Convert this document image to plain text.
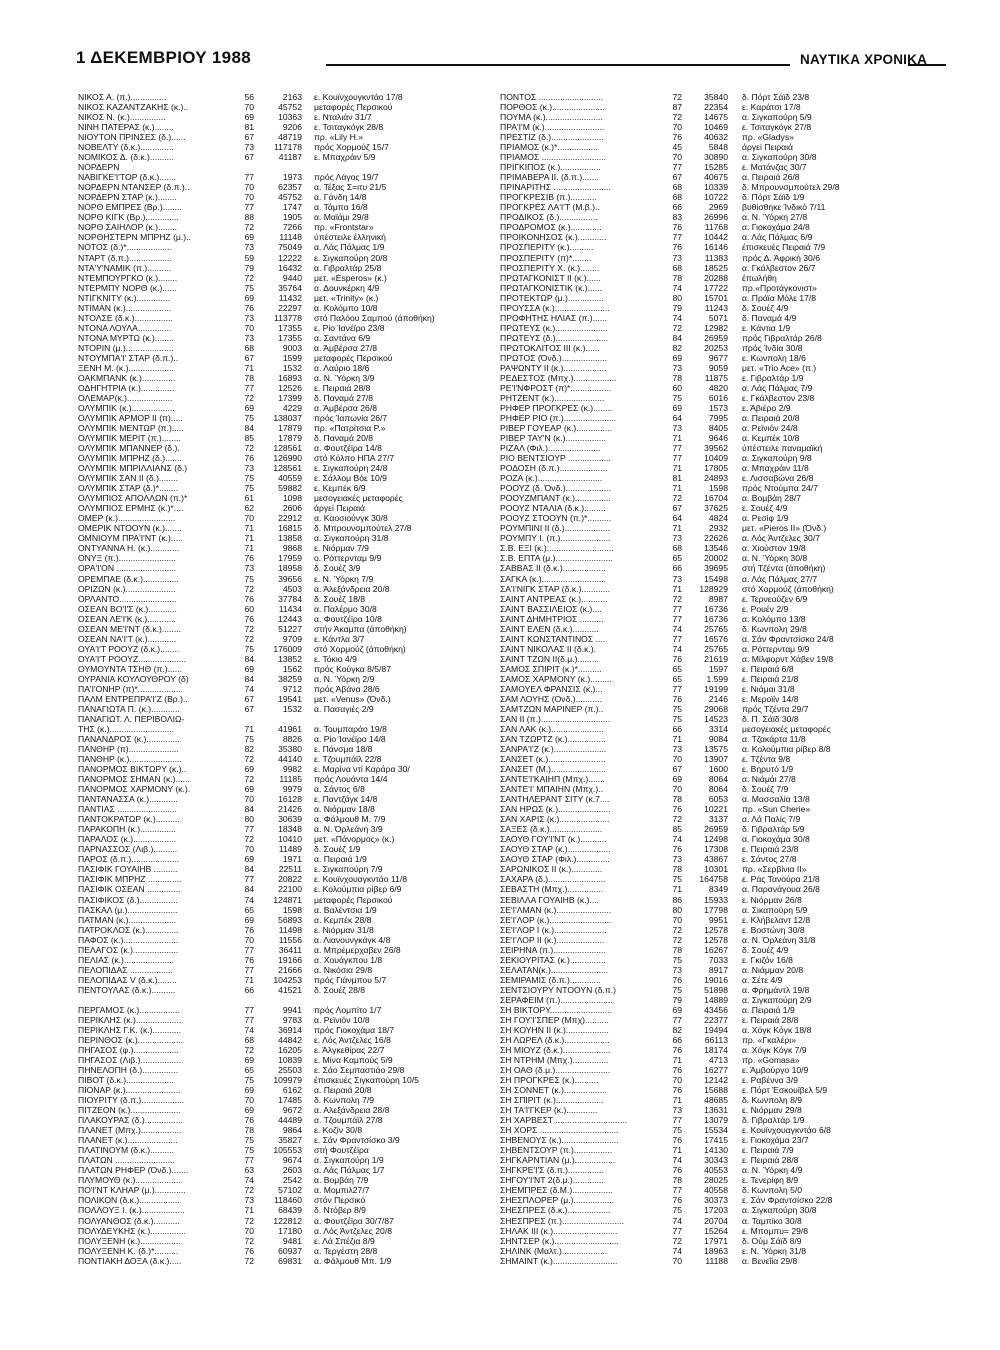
1 ΔΕΚΕΜΒΡΙΟΥ 1988	ΝΑΥΤΙΚΑ ΧΡΟΝΙΚΑ
ΝΙΚΟΣ Α. (π.)...............	56	2163 ε. Κουϊνχουγκντάο 17/8
ΝΙΚΟΣ ΚΑΖΑΝΤΖΑΚΗΣ (κ.)..	70	45752 μεταφορές Περσικού
ΝΙΚΟΣ Ν. (κ.)...............	69	10363 ε. Νταλιάν 31/7
ΝΙΝΗ ΠΑΤΕΡΑΣ (κ.)........	81	9206 ε. Τσιταγκόγκ 28/8
ΝΙΟΥΤΟΝ ΠΡΙΝΣΕΣ (δ.)......	67	48719 πρ. «Lily H.»
ΝΟΒΕΛΤΥ (δ.κ.)..............	73	117178 πρός Χορμούζ 15/7
ΝΟΜΙΚΟΣ Δ. (δ.κ.)..........	67	41187 ε. Μπαχράιν 5/9
ΝΟΡΔΕΡΝ
ΝΑΒΙΓΚΕ'Ι'ΤΟΡ (δ.κ.).......	77	1973 πρός Λάγος 19/7
ΝΟΡΔΕΡΝ ΝΤΑΝΣΕΡ (δ.π.)..	70	62357 α. Τέξας Σ=ιτυ 21/5
ΝΟΡΔΕΡΝ ΣΤΑΡ (κ.)........	70	45752 α. Γάνδη 14/8
ΝΟΡΘ ΕΜΠΡΕΣ (Βρ.)........	77	1747 α. Τάμπα 16/8
ΝΟΡΘ ΚΙΓΚ (Βρ.)..............	88	1905 α. Μαϊάμι 29/8
ΝΟΡΘ ΣΑΙΗΛΟΡ (κ.)........	72	7266 πρ. «Frontstar»
ΝΟΡΘΗΣΤΕΡΝ ΜΠΡΗΖ (μ.)..	69	11148 ύπέστειλε έλληνική
ΝΟΤΟΣ (δ.)*...................	73	75049 α. Λάς Πάλμας 1/9
ΝΤΑΡΤ (δ.π.)..................	59	12222 ε. Σιγκαπούρη 20/8
ΝΤΑ'Υ'ΝΑΜΙΚ (π.)..........	79	16432 α. Γιβραλτάρ 25/8
ΝΤΕΜΠΟΥΡΓΚΟ (κ.)........	72	9440 μετ. «Esperos» (κ.)
ΝΤΕΡΜΠΥ ΝΟΡΘ (κ.)......	75	35764 α. Δουνκέρκη 4/9
ΝΤΙΓΚΝΙΤΥ (κ.)..............	69	11432 μετ. «Trinity» (κ.)
ΝΤΙΜΑΝ (κ.)...................	76	22297 α. Κολόμπο 10/8
ΝΤΟΛΣΕ (δ.κ.)................	73	113778 στό Παλόου Σαμπού (άποθήκη)
ΝΤΟΝΑ ΛΟΥΛΑ..............	70	17355 ε. Ρίο Ίανέϊρο 23/8
ΝΤΟΝΑ ΜΥΡΤΩ (κ.)........	73	17355 α. Σαντάνα 6/9
ΝΤΟΡΙΝ (μ.)....................	68	9003 α. Άμβέρσα 27/8
ΝΤΟΥΜΠΑ'Ι' ΣΤΑΡ (δ.π.)..	67	1599 μεταφορές Περσικού
ΞΕΝΗ Μ. (κ.)...................	71	1532 α. Λαύριο 18/6
ΟΑΚΜΠΑΝΚ (κ.)..............	78	16893 α. Ν. Ύόρκη 3/9
ΟΔΗΓΗΤΡΙΑ (κ.)..............	77	12526 ε. Πειραιά 28/8
ΟΛΕΜΑΡ(κ.)...................	72	17399 δ. Παναμά 27/8
ΟΛΥΜΠΙΚ (κ.)..................	69	4229 α. Άμβέρσα 26/8
ΟΛΥΜΠΙΚ ΑΡΜΟΡ ΙΙ (π).....	75	138037 πρός Ίαπωνία 26/7
ΟΛΥΜΠΙΚ ΜΕΝΤΩΡ (π.).....	84	17879 πρ. «Πατρίτσια Ρ.»
ΟΛΥΜΠΙΚ ΜΕΡΙΤ (π.)........	85	17879 δ. Παναμά 20/8
ΟΛΥΜΠΙΚ ΜΠΑΝΝΕΡ (δ.).	72	128561 α. Φουτζέϊρα 14/8
ΟΛΥΜΠΙΚ ΜΠΡΗΖ (δ.).......	76	126990 στό Κόλπο ΗΠΑ 27/7
ΟΛΥΜΠΙΚ ΜΠΡΙΛΛΙΑΝΣ (δ.)	73	128561 ε. Σιγκαπούρη 24/8
ΟΛΥΜΠΙΚ ΣΑΝ ΙΙ (δ.)........	75	40559 ε. Σάλλομ Βόε 10/9
ΟΛΥΜΠΙΚ ΣΤΑΡ (δ.)*........	75	59882 ε. Κεμπέκ 6/9
ΟΛΥΜΠΙΟΣ ΑΠΟΛΛΩΝ (π.)*	61	1098 μεσογειακές μεταφορές
ΟΛΥΜΠΙΟΣ ΕΡΜΗΣ (κ.)*....	62	2606 άργεί Πειραιά
ΟΜΕΡ (κ.)........................	70	22912 α. Καοσιούνγκ 30/8
ΟΜΕΡΙΚ ΝΤΟΟΥΝ (κ.).......	71	16815 δ. Μπρουνσμπούτελ 27/8
ΟΜΝΙΟΥΜ ΠΡΑ'Ι'ΝΤ (κ.).....	71	13858 α. Σιγκαπούρη 31/8
ΟΝΤΥΑΝΝΑ Η. (κ.)............	71	9868 ε. Νιόρμαν 7/9
ΟΝΥΞ (π.)........................	76	17959 ο. Ρόττερνταμ 9/9
ΟΡΑ'Ι'ΟΝ .........................	73	18958 δ. Σουέζ 3/9
ΟΡΕΜΠΑΕ (δ.κ.)...............	75	39656 ε. Ν. Ύόρκη 7/9
ΟΡΙΖΩΝ (κ.).....................	72	4503 α. Άλεξάνδρεια 20/8
ΟΡΛΑΝΤΟ........................	76	37784 δ. Σουέζ 18/8
ΟΣΕΑΝ ΒΟ'Ι'Σ (κ.)............	60	11434 α. Παλέρμο 30/8
ΟΣΕΑΝ ΛΕ'Ι'Κ (κ.)............	76	12443 α. Φουτζέϊρα 10/8
ΟΣΕΑΝ ΜΕ'Ι'ΝΤ (δ.κ.)........	72	51227 στήν Άκαμπα (άποθήκη)
ΟΣΕΑΝ ΝΑ'Ι'Τ (κ.)............	72	9709 ε. Κάντλα 3/7
ΟΥΑ'Ι'Τ ΡΟΟΥΖ (δ.κ.)........	75	176009 στό Χορμούζ (άποθήκη)
ΟΥΑ'Ι'Τ ΡΟΟΥΖ....................	84	13852 ε. Τόκιο 4/9
ΟΥΜΟΥΝΤΑ ΤΣΗΘ (π.)......	69	1562 πρός Κούγκα 8/5/87
ΟΥΡΑΝΙΑ ΚΟΥΛΟΥΘΡΟΥ (δ)	84	38259 α. Ν. Ύόρκη 2/9
ΠΑ'Ι'ΟΝΗΡ (π)*...................	74	9712 πρός Άβάνα 28/6
ΠΑΛΜ ΕΝΤΡΕΠΡΑ'Ι'Ζ (Βρ.)..	67	19541 μετ. «Venus» (Όνδ.)
ΠΑΝΑΓΙΩΤΑ Π. (κ.)............	67	1532 α. Πασαγιές 2/9
ΠΑΝΑΓΙΩΤ. Λ. ΠΕΡΙΒΟΛΙΩ-
ΤΗΣ (κ.)...........................	71	41961 α. Τουμπαράο 19/8
ΠΑΝΑΝΔΡΟΣ (κ.)..............	75	8826 α. Ρίο Ίανέϊρο 14/8
ΠΑΝΘΗΡ (π).....................	82	35380 ε. Πάνσμα 18/8
ΠΑΝΘΗΡ (κ.)......................	72	44140 ε. Τζουμπάϊλ 22/8
ΠΑΝΟΡΜΟΣ ΒΙΚΤΩΡΥ (κ.)..	69	9982 ε. Μαρίνα ντί Καράρα 30/
ΠΑΝΟΡΜΟΣ ΣΗΜΑΝ (κ.)......	72	11185 πρός Λουάντα 14/4
ΠΑΝΟΡΜΟΣ ΧΑΡΜΟΝΥ (κ.).	69	9979 α. Σάντος 6/8
ΠΑΝΤΑΝΑΣΣΑ (κ.)............	70	16128 ε. Παντζάγκ 14/8
ΠΑΝΤΙΑΣ .........................	84	21426 α. Νιόρμαν 18/8
ΠΑΝΤΟΚΡΑΤΩΡ (κ.)..........	80	30639 α. Φάλμουθ Μ. 7/9
ΠΑΡΑΚΟΠΗ (κ.)...............	77	18348 α. Ν. Όρλεάνη 3/9
ΠΑΡΑΛΟΣ (κ.)..................	72	10410 μετ. «Πάνορμος» (κ.)
ΠΑΡΝΑΣΣΟΣ (Λιβ.)..........	70	11489 δ. Σουέζ 1/9
ΠΑΡΟΣ (δ.π.)....................	69	1971 α. Πειραιά 1/9
ΠΑΣΙΦΙΚ ΓΟΥΑΙΗΒ ..........	84	22511 ε. Σιγκαπούρη 7/9
ΠΑΣΙΦΙΚ ΜΠΡΗΖ ..............	77	20822 ε. Κουϊνχουαγκντάο 11/8
ΠΑΣΙΦΙΚ ΟΣΕΑΝ ..............	84	22100 ε. Κολούμπια ρίβερ 6/9
ΠΑΣΙΦΙΚΟΣ (δ.)................	74	124871 μεταφορές Περσικού
ΠΑΣΚΑΛ (μ.).....................	65	1598 α. Βαλέντσια 1/9
ΠΑΤΜΑΝ (κ.)....................	69	56893 α. Κεμπέκ 28/8
ΠΑΤΡΟΚΛΟΣ (κ.)..............	76	11498 ε. Νιόρμαν 31/8
ΠΑΦΟΣ (κ.).......................	70	11556 α. Λιανουνγκάγκ 4/8
ΠΕΛΑΓΟΣ (κ.)...................	77	36411 α. Μπρέμερχαβεν 26/8
ΠΕΛΙΑΣ (κ.).....................	76	19166 α. Χουάγκπου 1/8
ΠΕΛΟΠΙΔΑΣ ..................	77	21666 α. Νικόσια 29/8
ΠΕΛΟΠΙΔΑΣ V (δ.κ.)........	71	104253 πρός Γιάνμπου 5/7
ΠΕΝΤΟΥΛΑΣ (δ.κ.)..........	66	41521 δ. Σουέζ 28/8
ΠΕΡΓΑΜΟΣ (κ.).................	77	9941 πρός Λομπίτο 1/7
ΠΕΡΙΚΛΗΣ (κ.)...................	77	9783 α. Ρεϊνιόν 10/8
ΠΕΡΙΚΛΗΣ Γ.Κ. (κ.)............	74	36914 πρός Γιοκοχάμα 18/7
ΠΕΡΙΝΘΟΣ (κ.)...................	68	44842 ε. Λός Άντζελες 16/8
ΠΗΓΑΣΟΣ (φ.)...................	72	16205 ε. Άλγκεθίρας 22/7
ΠΗΓΑΣΟΣ (Λιβ.).................	69	10839 ε. Μίνα Καμπούς 5/9
ΠΗΝΕΛΟΠΗ (δ.)...............	65	25503 ε. Σάο Σεμπαστιάο 29/8
ΠΙΒΟΤ (δ.κ.)....................	75	109979 έπισκευές Σιγκαπούρη 10/5
ΠΙΟΝΑΡ (κ.).......................	69	6162 α. Πειραιά 20/8
ΠΙΟΥΡΙΤΥ (δ.π.)..................	70	17485 δ. Κωνπολη 7/9
ΠΙΤΖΕΟΝ (κ.).....................	69	9672 α. Αλεξάνδρεια 28/8
ΠΛΑΚΟΥΡΑΣ (δ.)................	76	44489 α. Τζουμπάϊλ 27/8
ΠΛΑΝΕΤ (Μπχ.).................	78	9864 ε. Κοζίν 30/8
ΠΛΑΝΕΤ (κ.).....................	75	35827 ε. Σάν Φραντσίσκο 3/9
ΠΛΑΤΙΝΟΥΜ (δ.κ.)..........	75	105553 στή Φουτζέϊρα
ΠΛΑΤΩΝ .........................	77	9674 α. Σιγκαπούρη 1/9
ΠΛΑΤΩΝ ΡΗΦΕΡ (Όνδ.).......	63	2603 α. Λάς Πάλμας 1/7
ΠΛΥΜΟΥΘ (κ.)...................	74	2542 α. Βομβάη 7/9
ΠΟ'Ι'ΝΤ ΚΛΗΑΡ (μ.).............	72	57102 α. Μομπιλ27/7
ΠΟΛΙΚΟΝ (δ.κ.).................	73	118460 στόν Περσικό
ΠΟΛΛΟΥΞ Ι. (κ.)..................	71	68439 δ. Ντόβερ 8/9
ΠΟΛΥΑΝΘΟΣ (δ.κ.)...........	72	122812 α. Φουτζέϊρα 30/7/87
ΠΟΛΥΔΕΥΚΗΣ (κ.)...............	70	17180 α. Λός Άντζελες 20/8
ΠΟΛΥΞΕΝΗ (κ.).................	72	9481 ε. Λά Σπέζια 8/9
ΠΟΛΥΞΕΝΗ Κ. (δ.)*..........	76	60937 α. Τεργέστη 28/8
ΠΟΝΤΙΑΚΗ ΔΟΞΑ (δ.κ.).....	72	69831 α. Φάλμουθ Μπ. 1/9
ΠΟΝΤΟΣ ...........................	72	35840 δ. Πόρτ Σάϊδ 23/8
ΠΟΡΘΟΣ (κ.)......................	87	22354 ε. Καράτσι 17/8
ΠΟΥΜΑ (κ.)........................	72	14675 α. Σιγκαπούρη 5/9
ΠΡΑ'Ι'Μ (κ.).........................	70	10469 ε. Τσιταγκόγκ 27/8
ΠΡΕΣΤΙΖ (δ.)......................	76	40632 πρ. «Gladys»
ΠΡΙΑΜΟΣ (κ.)*.................	45	5848 άργεί Πειραιά
ΠΡΙΑΜΟΣ ...........................	70	30890 α. Σιγκαπούρη 30/8
ΠΡΙΓΚΙΠΟΣ (κ.).................	77	15285 ε. Ματάνζας 30/7
ΠΡΙΜΑΒΕΡΑ ΙΙ. (δ.π.).......	67	40675 α. Πειραιά 26/8
ΠΡΙΝΑΡΙΤΗΣ ........................	68	10339 δ. Μπρουνσμπούτελ 29/8
ΠΡΟΓΚΡΕΣΙΒ (π.)...........	68	10722 δ. Πόρτ Σάϊδ 1/9
ΠΡΟΓΚΡΕΣ ΛΑ'Ι'Τ (Μ.β.)..	66	2969 βυθίσθηκε Ίνδικό 7/11
ΠΡΟΔΙΚΟΣ (δ.)................	83	26996 α. Ν. Ύόρκη 27/8
ΠΡΟΔΡΟΜΟΣ (κ.).............	76	11768 α. Γιοκοχάμα 24/8
ΠΡΟΙΚΟΝΗΣΟΣ (κ.)............	77	10442 α. Λάς Πάλμας 6/9
ΠΡΟΣΠΕΡΙΤΥ (κ.)..........	76	16146 έπισκευές Πειραιά 7/9
ΠΡΟΣΠΕΡΙΤΥ (π)*........	73	11383 πρός Δ. Άφρική 30/6
ΠΡΟΣΠΕΡΙΤΥ Χ. (κ.)........	68	18525 α. Γκάλβεστον 26/7
ΠΡΩΤΑΓΚΟΝΙΣΤ ΙΙ (κ.)......	78	20288 έπωλήθη
ΠΡΩΤΑΓΚΟΝΙΣΤΙΚ (κ.)......	74	17722 πρ.«Προτάγκονιστ»
ΠΡΟΤΕΚΤΩΡ (μ.)...............	80	15701 α. Πράϊα Μόλε 17/8
ΠΡΟΥΣΣΑ (κ.).......................	79	11243 δ. Σουέζ 4/9
ΠΡΟΦΗΤΗΣ ΗΛΙΑΣ (π.)......	74	5071 δ. Παναμά 4/9
ΠΡΩΤΕΥΣ (κ.)......................	72	12982 ε. Κάντια 1/9
ΠΡΩΤΕΥΣ (δ.)......................	84	26959 πρός Γιβραλτάρ 26/8
ΠΡΩΤΟΚΛΙΤΟΣ ΙΙΙ (κ.)......	82	20253 πρός Ίνδία 30/8
ΠΡΩΤΟΣ (Όνδ.)...................	69	9677 ε. Κωνπολη 18/6
ΡΑΨΩΝΤΥ ΙΙ (κ.)..................	73	9059 μετ. «Trio Ace» (π.)
ΡΕΔΕΣΤΟΣ (Μπχ.)..................	78	11875 ε. Γιβραλτάρ 1/9
ΡΕ'Ι'ΝΦΡΟΣΤ (π)*.................	60	4820 α. Λάς Πάλμας 7/9
ΡΗΤΖΕΝΤ (κ.).....................	75	6016 ε. Γκάλβεστον 23/8
ΡΗΦΕΡ ΠΡΟΓΚΡΕΣ (κ.)........	69	1573 ε. Άβιέρο 2/9
ΡΗΦΕΡ ΡΙΟ (π.)......................	64	7995 α. Πειραιά 20/8
ΡΙΒΕΡ ΓΟΥΕΑΡ (κ.)...............	73	8405 α. Ρεϊνιόν 24/8
ΡΙΒΕΡ ΤΑΥ'Ν (κ.).................	71	9646 α. Κεμπέκ 10/8
ΡΙΖΑΛ (Φιλ.)......................	77	39562 ύπέστειλε παναμαϊκή
ΡΙΟ ΒΕΝΤΣΙΟΥΡ ..................	77	10409 α. Σιγκαπούρη 9/8
ΡΟΔΟΣΗ (δ.π.)....................	71	17805 α. Μπαχράιν 11/8
ΡΟΖΑ (κ.)...........................	81	24893 ε. Λισσαβώνα 26/8
ΡΟΟΥΖ (δ. Όνδ.)...................	71	1598 πρός Ντούμπα 24/7
ΡΟΟΥΖΜΠΑΝΤ (κ.)...............	72	16704 α. Βομβάη 28/7
ΡΟΟΥΖ ΝΤΑΛΙΑ (δ.κ.).........	67	37625 ε. Σουέζ 4/9
ΡΟΟΥΖ ΣΤΟΟΥΝ (π.)*..........	64	4824 α. Ρεσίφ 1/9
ΡΟΥΜΠΙΝΙ ΙΙ (δ.)...................	71	2932 μετ. «Pieros II» (Όνδ.)
ΡΟΥΜΠΥ Ι. (π.).....................	73	22626 α. Λός Άντζελες 30/7
Σ.Β. ΕΞΙ (κ.)............................	68	13546 α. Χιούστον 19/8
Σ.Β. ΕΠΤΑ (μ.)........................	65	20002 α. Ν. Ύόρκη 30/8
ΣΑΒΒΑΣ ΙΙ (δ.κ.)..................	66	39695 στή Τζέντα (άποθήκη)
ΣΑΓΚΑ (κ.)...........................	73	15498 α. Λάς Πάλμας 27/7
ΣΑ'Ι'ΝΙΓΚ ΣΤΑΡ (δ.κ.)............	71	128929 στό Χορμούζ (άποθήκη)
ΣΑΙΝΤ ΑΝΤΡΕΑΣ (κ.)...........	72	8987 ε. Τερνεούζεν 6/9
ΣΑΙΝΤ ΒΑΣΣΙΛΕΙΟΣ (κ.)....	77	16736 ε. Ρουέν 2/9
ΣΑΙΝΤ ΔΗΜΗΤΡΙΟΣ ..........	77	16736 α. Κολόμπο 13/8
ΣΑΙΝΤ ΕΛΕΝ (δ.κ.)...........	74	25765 δ. Κωνπολη 29/8
ΣΑΙΝΤ ΚΩΝΣΤΑΝΤΙΝΟΣ ....	77	16576 α. Σάν Φραντσίσκο 24/8
ΣΑΙΝΤ ΝΙΚΟΛΑΣ ΙΙ (δ.κ.).	74	25765 α. Ρόττερνταμ 9/9
ΣΑΙΝΤ ΤΖΩΝ ΙΙ(δ.μ.).........	76	21619 α. Μίλφορντ Χάβεν 19/8
ΣΑΜΟΣ ΣΠΙΡΙΤ (κ.)*..........	65	1597 ε. Πειραιά 6/8
ΣΑΜΟΣ ΧΑΡΜΟΝΥ (κ.).........	65	1.599 ε. Πειραιά 21/8
ΣΑΜΟΥΕΛ ΦΡΑΝΣΙΣ (κ.)...	77	19199 ε. Νιάμαι 31/8
ΣΑΜ ΛΟΥΗΣ (Ονδ.)...........	76	2146 ε. Μεροϊίν 14/8
ΣΑΜΤΖΩΝ ΜΑΡΙΝΕΡ (π.)..	75	29068 πρός Τζέντα 29/7
ΣΑΝ ΙΙ (π.).............................	75	14523 δ. Π. Σάϊδ 30/8
ΣΑΝ ΛΑΚ (κ.)......................	66	3314 μεσογειακές μεταφορές
ΣΑΝ ΤΖΩΡΤΖ (κ.)................	71	9084 α. Τζακάρτα 11/8
ΣΑΝΡΑ'Ι'Ζ (κ.)......................	73	13575 α. Κολούμπια ρίβερ 8/8
ΣΑΝΣΕΤ (κ.)........................	70	13907 ε. Τζέντα 9/8
ΣΑΝΣΕΤ (Μ.).......................	67	1600 ε. Βηρυτό 1/9
ΣΑΝΤΕ'Ι'ΚΑΙΗΠ (Μπχ.).......	69	8064 α. Νιάμάι 27/8
ΣΑΝΤΕ'Ι' ΜΠΑΙΗΝ (Μπχ.)..	70	8064 δ. Σουέζ 7/9
ΣΑΝΤΗΛΕΡΑΝΤ ΣΙΤΥ (κ.7....	78	6053 α. Μασσαλία 13/8
ΣΑΝ ΗΡΩΣ (κ.)......................	76	10221 πρ. «Sun Cherie»
ΣΑΝ ΧΑΡΙΣ (κ.).....................	72	3137 α. Λά Παλίς 7/9
ΣΑΞΕΣ (δ.κ.)......................	85	26959 δ. Γιβραλτάρ 5/9
ΣΑΟΥΘ ΓΟΥ'Ι'ΝΤ (κ.)...........	74	12498 α. Γιοκοχάμα 30/8
ΣΑΟΥΘ ΣΤΑΡ (κ.)..................	76	17308 ε. Πειραιά 23/8
ΣΑΟΥΘ ΣΤΑΡ (Φιλ.)..............	73	43867 ε. Σάντος 27/8
ΣΑΡΩΝΙΚΟΣ ΙΙ (κ.).............	78	10301 πρ. «Σερβίνια ΙΙ»
ΣΑΧΑΡΑ (δ.)........................	75	164758 ε. Ράς Τανούρα 21/8
ΣΕΒΑΣΤΗ (Μπχ.)...............	71	8349 α. Παρανάγουα 26/8
ΣΕΒΙΛΛΑ ΓΟΥΑΙΗΒ (κ.)....	86	15933 ε. Νιόρμαν 26/8
ΣΕ'Ι'ΛΜΑΝ (κ.).......................	80	17798 α. Σικαπούρη 5/9
ΣΕ'Ι'ΛΟΡ (κ.)..........................	70	9951 ε. Κλήβελαντ 12/8
ΣΕ'Ι'ΛΟΡ Ι (κ.)......................	72	12578 ε. Βοστώνη 30/8
ΣΕ'Ι'ΛΟΡ ΙΙ (κ.)....................	72	12578 α. Ν. Όρλεάνη 31/8
ΣΕΙΡΗΝΑ (π.)......................	78	16267 δ. Σουέζ 4/9
ΣΕΚΙΟΥΡΙΤΑΣ (κ.)...............	75	7033 ε. Γκιζόν 16/8
ΣΕΛΑΤΑΝ(κ.)........................	73	8917 α. Νιάμμαν 20/8
ΣΕΜΙΡΑΜΙΣ (δ.π.).............	76	19016 α. Σέτε 4/9
ΣΕΝΤΣΙΟΥΡΥ ΝΤΟΟΥΝ (δ.π.)	75	51898 α. Φρημάντλ 19/8
ΣΕΡΑΦΕΙΜ (π.)......................	79	14889 α. Σιγκαπούρη 2/9
ΣΗ ΒΙΚΤΟΡΥ..........................	69	43456 α. Πειραιά 1/9
ΣΗ ΓΟΥ'Ι'ΣΠΕΡ (Μπχ)..........	77	22377 ε. Πειραιά 28/8
ΣΗ ΚΟΥΗΝ ΙΙ (κ.)..................	82	19494 α. Χόγκ Κόγκ 18/8
ΣΗ ΛΩΡΕΛ (δ.κ.)...................	66	66113 πρ. «Γκαλέρι»
ΣΗ ΜΙΟΥΖ (δ.κ.)....................	76	18174 α. Χόγκ Κόγκ 7/9
ΣΗ ΝΤΡΗΜ (Μπχ.)...............	71	4713 πρ. «Gomasa»
ΣΗ ΟΑΘ (δ.μ.).......................	76	16277 ε. Άμβούργο 10/9
ΣΗ ΠΡΟΓΚΡΕΣ (κ.)..........	70	12142 ε. Ραβέννα 3/9
ΣΗ ΣΟΝΝΕΤ (κ.)..................	76	15688 ε. Πόρτ Έσκουϊβελ 5/9
ΣΗ ΣΠΙΡΙΤ (κ.)....................	71	48685 δ. Κωνπολη 8/9
ΣΗ ΤΑ'Ι'ΓΚΕΡ (κ.).............	73	13631 ε. Νιόρμαν 29/8
ΣΗ ΧΑΡΒΕΣΤ ..............................	77	13079 δ. Γιβραλτάρ 1/9
ΣΗ ΧΟΡΣ .................................	75	15534 ε. Κουϊνχουαγκντάο 6/8
ΣΗΒΕΝΟΥΣ (κ.)........................	76	17415 ε. Γιοκοχάμα 23/7
ΣΗΒΕΝΤΣΟΥΡ (π.)................	71	14130 ε. Πειραιά 7/9
ΣΗΓΚΑΡΝΤΙΑΝ (μ.).................	74	30343 ε. Πειραιά 28/8
ΣΗΓΚΡΕ'Ι'Σ (δ.π.)...............	76	40553 α. Ν. Ύόρκη 4/9
ΣΗΓΟΥ'Ι'ΝΤ 2(δ.μ.).............	78	28025 ε. Τενερίφη 8/9
ΣΗΕΜΠΡΕΣ (δ.Μ.).................	77	40558 δ. Κωνπολη 5/0
ΣΗΕΣΠΛΟΡΕΡ (μ.).................	76	30373 ε. Σάν Φραντσίσκο 22/8
ΣΗΕΣΠΡΕΣ (δ.κ.)..................	75	17203 α. Σιγκαπούρη 30/8
ΣΗΕΣΠΡΕΣ (π.)..........................	74	20704 α. Ταμπίκο 30/8
ΣΗΛΑΚ ΙΙΙ (κ.)...........................	77	15264 ε. Μπομπυ= 29/8
ΣΗΝΤΣΕΡ (κ.)...........................	72	17971 δ. Ούμ Σάϊδ 8/9
ΣΗΛΙΝΚ (Μαλτ.)...................	74	18963 ε. Ν. Ύόρκη 31/8
ΣΗΜΑΙΝΤ (κ.)...........................	70	11188 α. Βενεΐία 29/8
